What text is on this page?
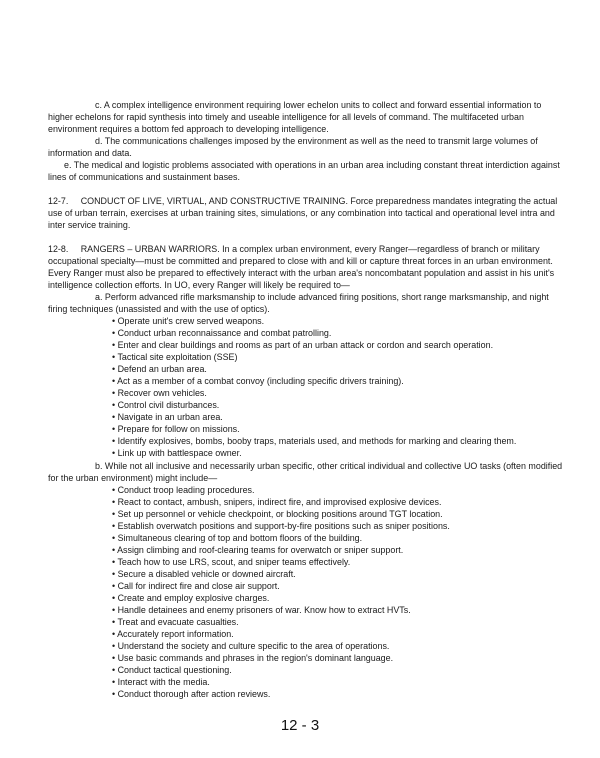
c. A complex intelligence environment requiring lower echelon units to collect and forward essential information to
higher echelons for rapid synthesis into timely and useable intelligence for all levels of command. The multifaceted urban
environment requires a bottom fed approach to developing intelligence.
d. The communications challenges imposed by the environment as well as the need to transmit large volumes of
information and data.
e. The medical and logistic problems associated with operations in an urban area including constant threat interdiction against
lines of communications and sustainment bases.
12-7.     CONDUCT OF LIVE, VIRTUAL, AND CONSTRUCTIVE TRAINING. Force preparedness mandates integrating the actual
use of urban terrain, exercises at urban training sites, simulations, or any combination into tactical and operational level intra and
inter service training.
12-8.     RANGERS – URBAN WARRIORS. In a complex urban environment, every Ranger—regardless of branch or military
occupational specialty—must be committed and prepared to close with and kill or capture threat forces in an urban environment.
Every Ranger must also be prepared to effectively interact with the urban area's noncombatant population and assist in his unit's
intelligence collection efforts. In UO, every Ranger will likely be required to—
a. Perform advanced rifle marksmanship to include advanced firing positions, short range marksmanship, and night
firing techniques (unassisted and with the use of optics).
• Operate unit's crew served weapons.
• Conduct urban reconnaissance and combat patrolling.
• Enter and clear buildings and rooms as part of an urban attack or cordon and search operation.
• Tactical site exploitation (SSE)
• Defend an urban area.
• Act as a member of a combat convoy (including specific drivers training).
• Recover own vehicles.
• Control civil disturbances.
• Navigate in an urban area.
• Prepare for follow on missions.
• Identify explosives, bombs, booby traps, materials used, and methods for marking and clearing them.
• Link up with battlespace owner.
b. While not all inclusive and necessarily urban specific, other critical individual and collective UO tasks (often modified
for the urban environment) might include—
• Conduct troop leading procedures.
• React to contact, ambush, snipers, indirect fire, and improvised explosive devices.
• Set up personnel or vehicle checkpoint, or blocking positions around TGT location.
• Establish overwatch positions and support-by-fire positions such as sniper positions.
• Simultaneous clearing of top and bottom floors of the building.
• Assign climbing and roof-clearing teams for overwatch or sniper support.
• Teach how to use LRS, scout, and sniper teams effectively.
• Secure a disabled vehicle or downed aircraft.
• Call for indirect fire and close air support.
• Create and employ explosive charges.
• Handle detainees and enemy prisoners of war. Know how to extract HVTs.
• Treat and evacuate casualties.
• Accurately report information.
• Understand the society and culture specific to the area of operations.
• Use basic commands and phrases in the region's dominant language.
• Conduct tactical questioning.
• Interact with the media.
• Conduct thorough after action reviews.
12 - 3
